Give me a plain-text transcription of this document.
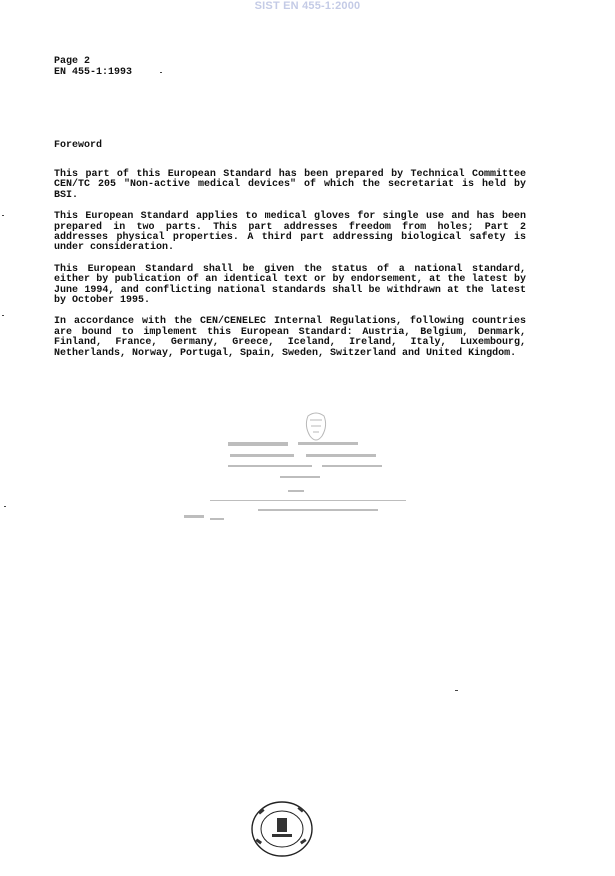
SIST EN 455-1:2000
Page 2
EN 455-1:1993
Foreword

This part of this European Standard has been prepared by Technical Committee CEN/TC 205 "Non-active medical devices" of which the secretariat is held by BSI.

This European Standard applies to medical gloves for single use and has been prepared in two parts. This part addresses freedom from holes; Part 2 addresses physical properties. A third part addressing biological safety is under consideration.

This European Standard shall be given the status of a national standard, either by publication of an identical text or by endorsement, at the latest by June 1994, and conflicting national standards shall be withdrawn at the latest by October 1995.

In accordance with the CEN/CENELEC Internal Regulations, following countries are bound to implement this European Standard: Austria, Belgium, Denmark, Finland, France, Germany, Greece, Iceland, Ireland, Italy, Luxembourg, Netherlands, Norway, Portugal, Spain, Sweden, Switzerland and United Kingdom.
